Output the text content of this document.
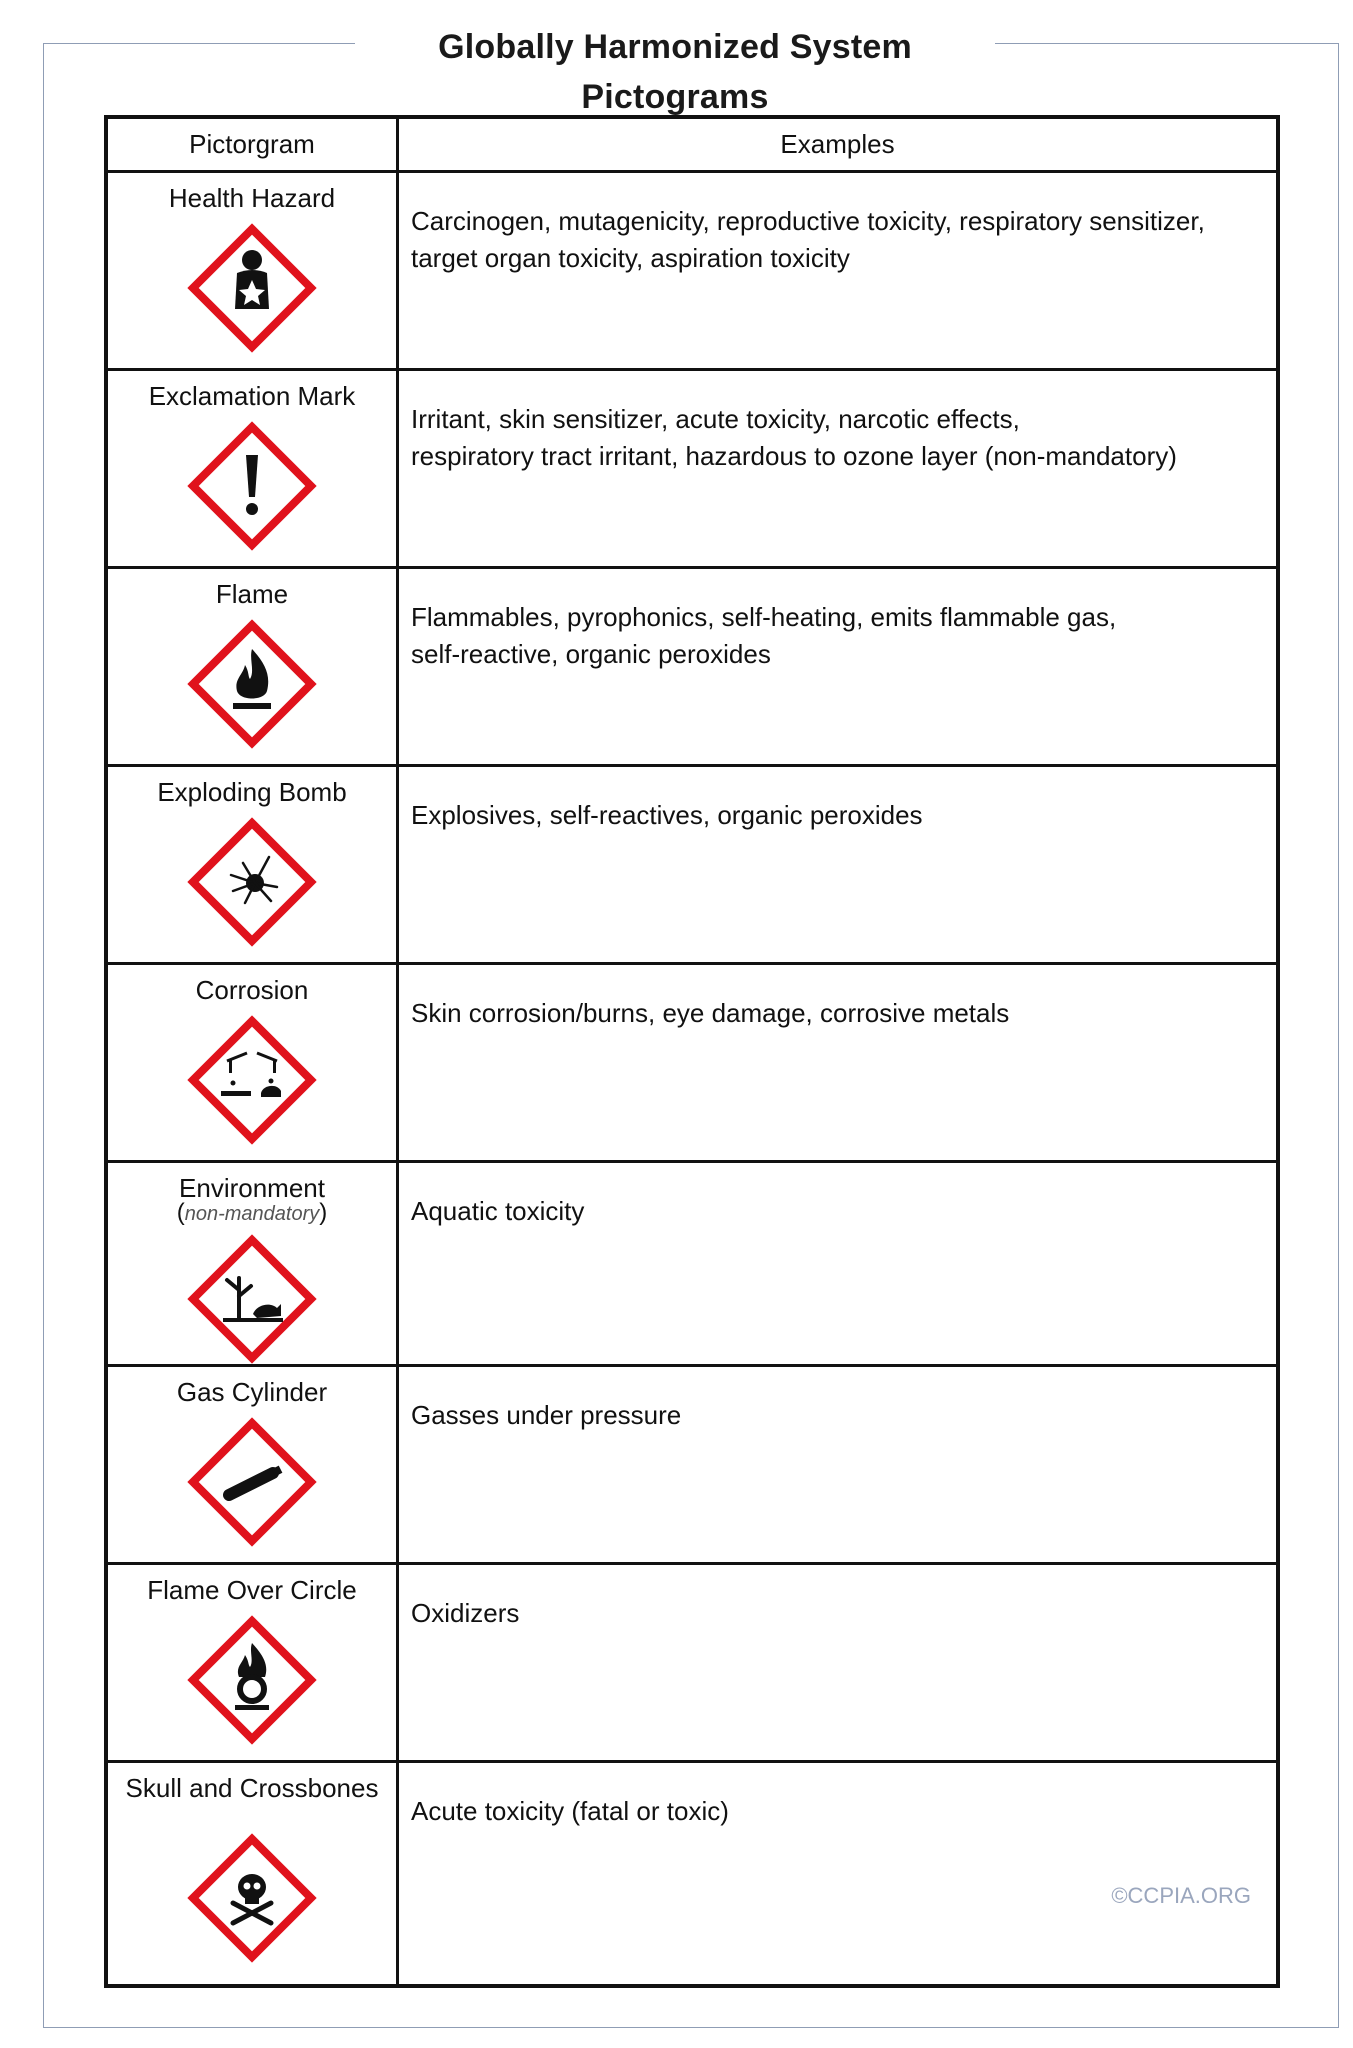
Globally Harmonized System Pictograms
Pictorgram	Examples

Health Hazard	Carcinogen, mutagenicity, reproductive toxicity, respiratory sensitizer,
target organ toxicity, aspiration toxicity

Exclamation Mark	Irritant, skin sensitizer, acute toxicity, narcotic effects,
respiratory tract irritant, hazardous to ozone layer (non-mandatory)

Flame	Flammables, pyrophonics, self-heating, emits flammable gas,
self-reactive, organic peroxides

Exploding Bomb	Explosives, self-reactives, organic peroxides

Corrosion	Skin corrosion/burns, eye damage, corrosive metals

Environment
(non-mandatory)	Aquatic toxicity

Gas Cylinder	Gasses under pressure

Flame Over Circle	Oxidizers

Skull and Crossbones	Acute toxicity (fatal or toxic)
©CCPIA.ORG
